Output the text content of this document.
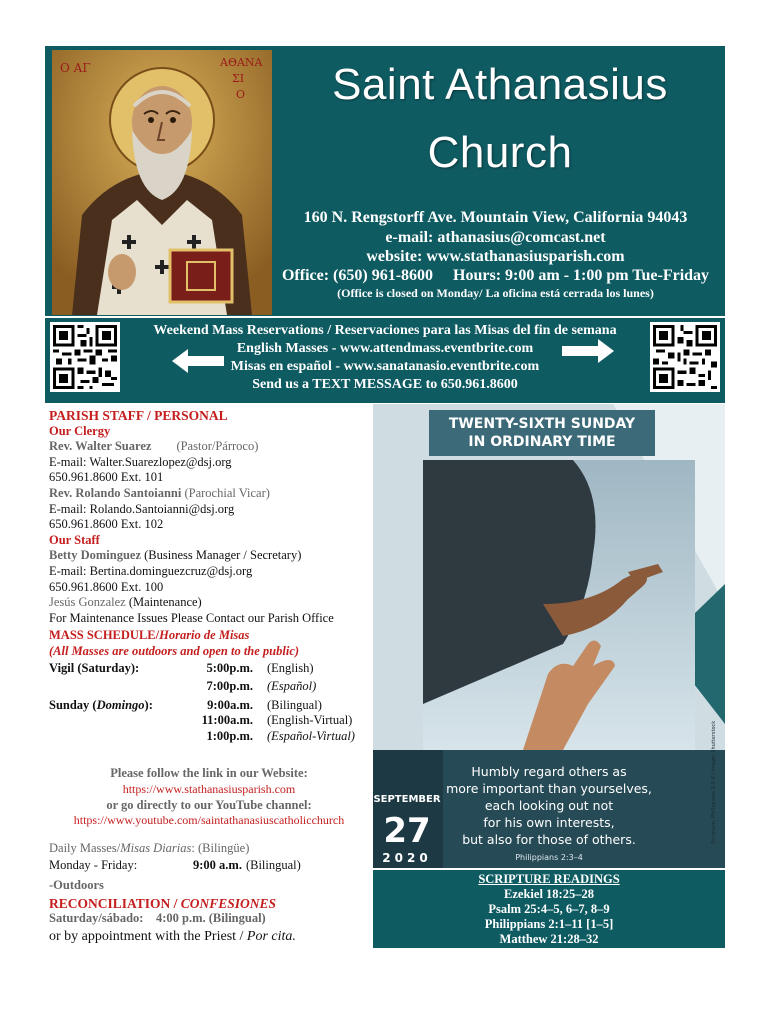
Ο ΑΓ	ΑΘΑΝΑ
ΣΙ
Ο	Saint Athanasius
Church
160 N. Rengstorff Ave. Mountain View, California 94043
e-mail: athanasius@comcast.net
website: www.stathanasiusparish.com
Office: (650) 961-8600     Hours: 9:00 am - 1:00 pm Tue-Friday
(Office is closed on Monday/ La oficina está cerrada los lunes)
Weekend Mass Reservations / Reservaciones para las Misas del fin de semana
English Masses - www.attendmass.eventbrite.com
Misas en español - www.sanatanasio.eventbrite.com
Send us a TEXT MESSAGE to 650.961.8600
PARISH STAFF / PERSONAL
Our Clergy
Rev. Walter Suarez (Pastor/Párroco)
E-mail: Walter.Suarezlopez@dsj.org
650.961.8600 Ext. 101
Rev. Rolando Santoianni (Parochial Vicar)
E-mail: Rolando.Santoianni@dsj.org
650.961.8600 Ext. 102
Our Staff
Betty Dominguez (Business Manager / Secretary)
E-mail: Bertina.dominguezcruz@dsj.org
650.961.8600 Ext. 100
Jesús Gonzalez (Maintenance)
For Maintenance Issues Please Contact our Parish Office
MASS SCHEDULE/Horario de Misas
(All Masses are outdoors and open to the public)
Vigil (Saturday):	5:00p.m.	(English)
7:00p.m.	(Español)
Sunday (Domingo):	9:00a.m.	(Bilingual)
11:00a.m.	(English-Virtual)
1:00p.m.	(Español-Virtual)
Please follow the link in our Website:
https://www.stathanasiusparish.com
or go directly to our YouTube channel:
https://www.youtube.com/saintathanasiuscatholicchurch
Daily Masses/Misas Diarias: (Bilingüe)
Monday - Friday:	9:00 a.m. (Bilingual)
-Outdoors
RECONCILIATION / CONFESIONES
Saturday/sábado:    4:00 p.m. (Bilingual)
or by appointment with the Priest / Por cita.
TWENTY-SIXTH SUNDAY
IN ORDINARY TIME
SEPTEMBER
27
2020
Humbly regard others as
more important than yourselves,
each looking out not
for his own interests,
but also for those of others.
Philippians 2:3–4
Scripture: Philippians 2:3-4 / Image: Shutterstock
SCRIPTURE READINGS
Ezekiel 18:25–28
Psalm 25:4–5, 6–7, 8–9
Philippians 2:1–11 [1–5]
Matthew 21:28–32
